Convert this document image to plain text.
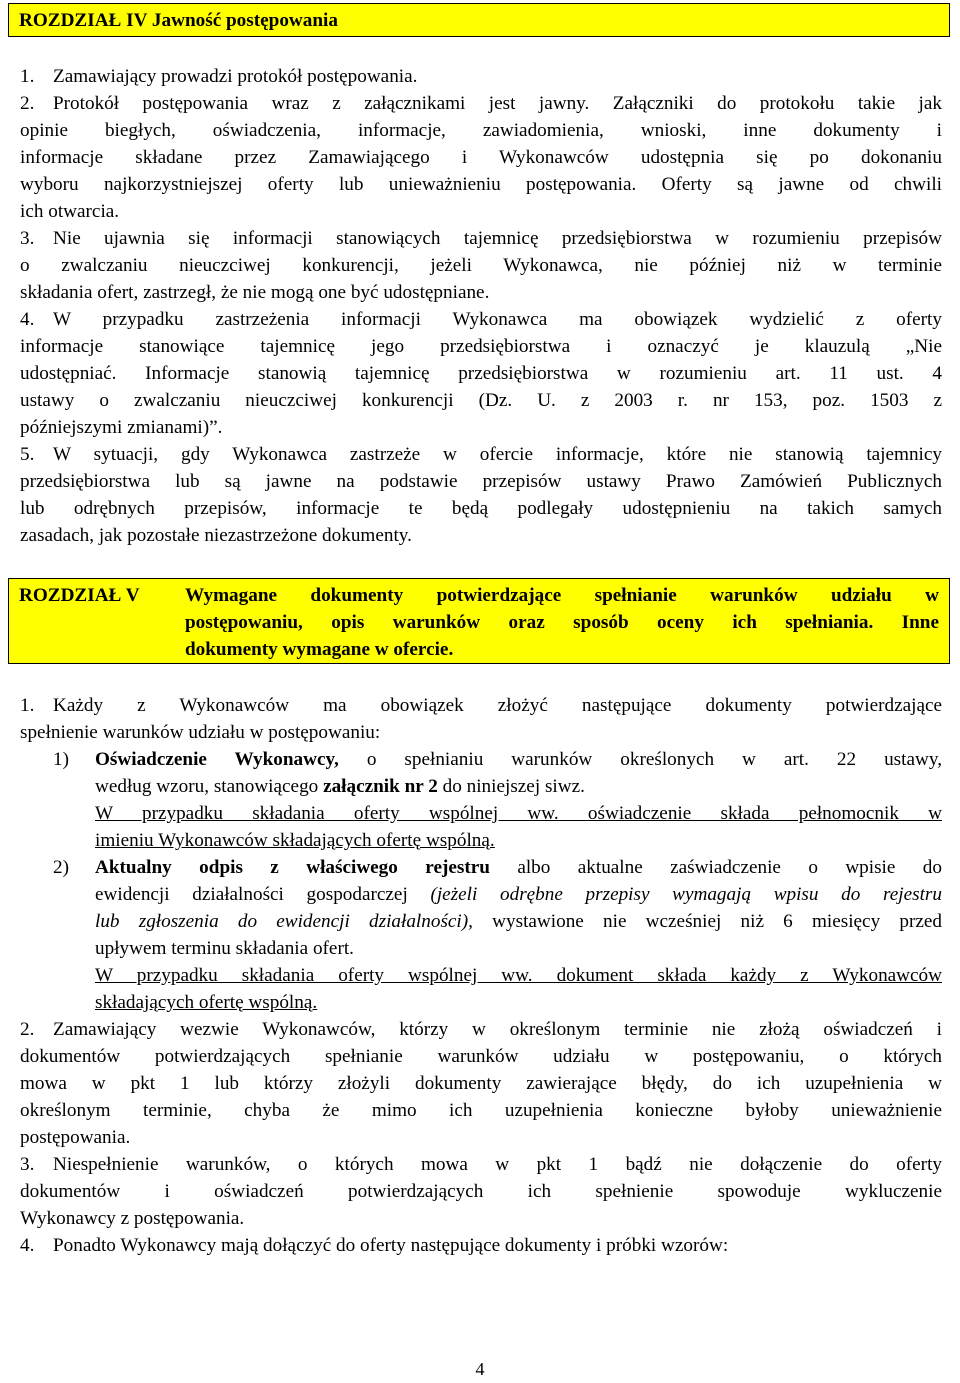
ROZDZIAŁ IV Jawność postępowania
1. Zamawiający prowadzi protokół postępowania.
2. Protokół postępowania wraz z załącznikami jest jawny. Załączniki do protokołu takie jak
opinie biegłych, oświadczenia, informacje, zawiadomienia, wnioski, inne dokumenty i
informacje składane przez Zamawiającego i Wykonawców udostępnia się po dokonaniu
wyboru najkorzystniejszej oferty lub unieważnieniu postępowania. Oferty są jawne od chwili
ich otwarcia.
3. Nie ujawnia się informacji stanowiących tajemnicę przedsiębiorstwa w rozumieniu przepisów
o zwalczaniu nieuczciwej konkurencji, jeżeli Wykonawca, nie później niż w terminie
składania ofert, zastrzegł, że nie mogą one być udostępniane.
4. W przypadku zastrzeżenia informacji Wykonawca ma obowiązek wydzielić z oferty
informacje stanowiące tajemnicę jego przedsiębiorstwa i oznaczyć je klauzulą „Nie
udostępniać. Informacje stanowią tajemnicę przedsiębiorstwa w rozumieniu art. 11 ust. 4
ustawy o zwalczaniu nieuczciwej konkurencji (Dz. U. z 2003 r. nr 153, poz. 1503 z
późniejszymi zmianami)”.
5. W sytuacji, gdy Wykonawca zastrzeże w ofercie informacje, które nie stanowią tajemnicy
przedsiębiorstwa lub są jawne na podstawie przepisów ustawy Prawo Zamówień Publicznych
lub odrębnych przepisów, informacje te będą podlegały udostępnieniu na takich samych
zasadach, jak pozostałe niezastrzeżone dokumenty.
ROZDZIAŁ V Wymagane dokumenty potwierdzające spełnianie warunków udziału w
postępowaniu, opis warunków oraz sposób oceny ich spełniania. Inne
dokumenty wymagane w ofercie.
1. Każdy z Wykonawców ma obowiązek złożyć następujące dokumenty potwierdzające
spełnienie warunków udziału w postępowaniu:
1) Oświadczenie Wykonawcy, o spełnianiu warunków określonych w art. 22 ustawy,
według wzoru, stanowiącego załącznik nr 2 do niniejszej siwz.
W przypadku składania oferty wspólnej ww. oświadczenie składa pełnomocnik w
imieniu Wykonawców składających ofertę wspólną.
2) Aktualny odpis z właściwego rejestru albo aktualne zaświadczenie o wpisie do
ewidencji działalności gospodarczej (jeżeli odrębne przepisy wymagają wpisu do rejestru
lub zgłoszenia do ewidencji działalności), wystawione nie wcześniej niż 6 miesięcy przed
upływem terminu składania ofert.
W przypadku składania oferty wspólnej ww. dokument składa każdy z Wykonawców
składających ofertę wspólną.
2. Zamawiający wezwie Wykonawców, którzy w określonym terminie nie złożą oświadczeń i
dokumentów potwierdzających spełnianie warunków udziału w postępowaniu, o których
mowa w pkt 1 lub którzy złożyli dokumenty zawierające błędy, do ich uzupełnienia w
określonym terminie, chyba że mimo ich uzupełnienia konieczne byłoby unieważnienie
postępowania.
3. Niespełnienie warunków, o których mowa w pkt 1 bądź nie dołączenie do oferty
dokumentów i oświadczeń potwierdzających ich spełnienie spowoduje wykluczenie
Wykonawcy z postępowania.
4. Ponadto Wykonawcy mają dołączyć do oferty następujące dokumenty i próbki wzorów:
4
